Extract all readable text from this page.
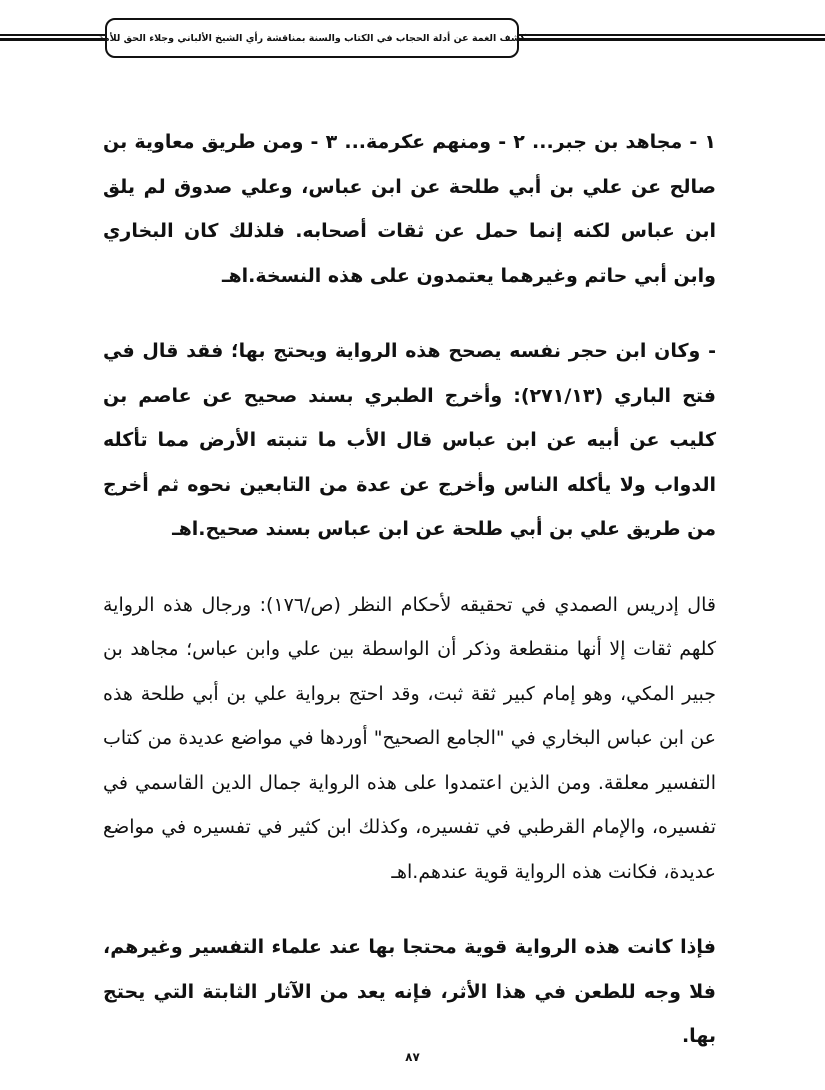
كشف الغمة عن أدلة الحجاب في الكتاب والسنة بمناقشة رأي الشيخ الألباني وجلاء الحق للأمة

١ - مجاهد بن جبر... ٢ - ومنهم عكرمة... ٣ - ومن طريق معاوية بن صالح عن علي بن أبي طلحة عن ابن عباس، وعلي صدوق لم يلق ابن عباس لكنه إنما حمل عن ثقات أصحابه. فلذلك كان البخاري وابن أبي حاتم وغيرهما يعتمدون على هذه النسخة.اهـ

- وكان ابن حجر نفسه يصحح هذه الرواية ويحتج بها؛ فقد قال في فتح الباري (٢٧١/١٣): وأخرج الطبري بسند صحيح عن عاصم بن كليب عن أبيه عن ابن عباس قال الأب ما تنبته الأرض مما تأكله الدواب ولا يأكله الناس وأخرج عن عدة من التابعين نحوه ثم أخرج من طريق علي بن أبي طلحة عن ابن عباس بسند صحيح.اهـ

قال إدريس الصمدي في تحقيقه لأحكام النظر (ص/١٧٦): ورجال هذه الرواية كلهم ثقات إلا أنها منقطعة وذكر أن الواسطة بين علي وابن عباس؛ مجاهد بن جبير المكي، وهو إمام كبير ثقة ثبت، وقد احتج برواية علي بن أبي طلحة هذه عن ابن عباس البخاري في "الجامع الصحيح" أوردها في مواضع عديدة من كتاب التفسير معلقة. ومن الذين اعتمدوا على هذه الرواية جمال الدين القاسمي في تفسيره، والإمام القرطبي في تفسيره، وكذلك ابن كثير في تفسيره في مواضع عديدة، فكانت هذه الرواية قوية عندهم.اهـ

فإذا كانت هذه الرواية قوية محتجا بها عند علماء التفسير وغيرهم، فلا وجه للطعن في هذا الأثر، فإنه يعد من الآثار الثابتة التي يحتج بها.

٨٧
